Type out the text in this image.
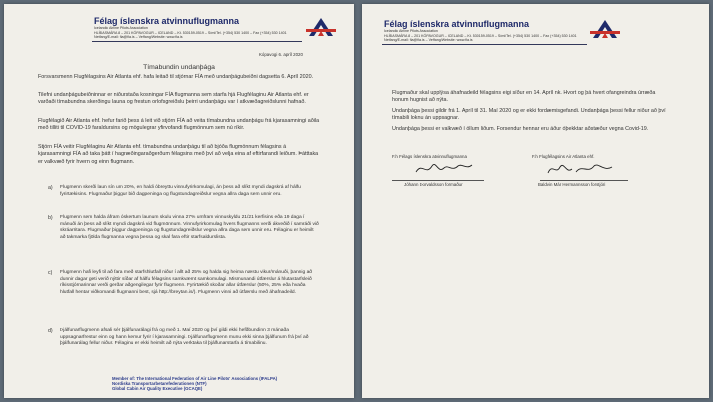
Félag íslenskra atvinnuflugmanna
Icelandic Airline Pilots Association
HLÍÐASMÁRA 8 – 201 KÓPAVOGUR – ICELAND – Kt. 530159-0519 – Sími/Tel. (+354) 530 1400 – Fax (+354) 530 1401
Netfang/E-mail: fia@fia.is – Veffang/Website: www.fia.is
Kópavogi 6. apríl 2020
Tímabundin undanþága
Forsvarsmenn Flugfélagsins Air Atlanta ehf. hafa leitað til stjórnar FÍA með undanþágubeiðni dagsetta 6. Apríl 2020.
Tilefni undanþágubeiðninnar er niðurstaða kosningar FÍA flugmanna sem starfa hjá Flugfélaginu Air Atlanta ehf. er varðaði tímabundna skerðingu launa og frestun orlofsgreiðslu þeirri undanþágu var í atkvæðagreiðslunni hafnað.
Flugfélagið Air Atlanta ehf. hefur farið þess á leit við stjórn FÍA að veita tímabundna undanþágu frá kjarasamningi aðila með tilliti til COVID-19 faraldursins og mögulegrar yfirvofandi flugmönnum sem nú ríkir.
Stjórn FÍA veitir Flugfélaginu Air Atlanta ehf. tímabundna undanþágu til að bjóða flugmönnum félagsins á kjarasamningi FÍA að taka þátt í hagræðingaraðgerðum félagsins með því að velja eina af eftirfarandi leiðum. Þátttaka er valkvæð fyrir hvern og einn flugmann.
a) Flugmenn skerði laun sín um 20%, en haldi óbreyttu vinnufyrirkomulagi, án þess að slíkt myndi dagskrá af hálfu fyrirtækisins. Flugmaður þiggur bið dagpeninga og flugstundagreiðslur vegna allra daga sem unnir eru.
b) Flugmenn sem halda áfram óskertum launum skulu vinna 27% umfram vinnuskyldu 21/21 kerfisins eða 19 daga í mánuði án þess að slíkt myndi dagskrá vid flugmönnum. Vinnufyrirkomulag hvers flugmanns verði ákveðið í samráði við skráarritara. Flugmaður þiggur dagpeninga og flugstundagreiðslur vegna allra daga sem unnir eru. Félaginu er heimilt að takmarka fjölda flugmanna vegna þessa og skal fara eftir starfsaldurslista.
c) Flugmenn hafi leyfi til að fara með starfshlutfall niður í allt að 25% og halda sig heima næstu vikur/mánuði, þannig að dunnir dagar geti verið nýttir síðar af hálfu félagsins samkvæmt samkomulagi. Mismunandi útfærslur á hlutastarfsleið ríkisstjórnarinnar verði gerðar aðgengilegar fyrir flugmenn. Fyrirtækið skoðar allar útfærslur (50%, 25% eða hvaða hlutfall hentar viðkomandi flugmanni best, sjá http://breytan.is/). Flugmenn vinni að útfærslu með áhafnadeild.
d) Þjálfunarflugmenn afsali sér þjálfunarálagi frá og með 1. Maí 2020 og því gildi ekki hefðbundinn 3 mánaða uppsagnarfrestur einn og hann kemur fyrir í kjarasamningi. Þjálfunarflugmenn munu ekki sinna þjálfunum frá því að þjálfunarálag fellur niður. Félaginu er ekki heimilt að nýta verktaka til þjálfunarstarfa á tímabilinu.
Member of: The International Federation of Air Line Pilots' Associations (IFALPA)
Nordiska Transportarbetarefederationen (NTF)
Global Cabin Air Quality Executive (GCAQE)
Félag íslenskra atvinnuflugmanna
Icelandic Airline Pilots Association
HLÍÐASMÁRA 8 – 201 KÓPAVOGUR – ICELAND – Kt. 530159-0519 – Sími/Tel. (+354) 530 1400 – Fax (+354) 530 1401
Netfang/E-mail: fia@fia.is – Veffang/Website: www.fia.is
Flugmaður skal upplýsa áhafnadeild félagsins eigi síður en 14. Apríl nk. Hvort og þá hvert ofangreindra úrræða honum hugnist að nýta.
Undanþága þessi gildir frá 1. Apríl til 31. Maí 2020 og er ekki fordæmisgefandi. Undanþága þessi fellur niður að því tímabili loknu án uppsagnar.
Undanþága þessi er valkvæð í öllum liðum. Forsendur hennar eru áður óþekktar aðstæður vegna Covid-19.
F.h Félags íslenskra atvinnuflugmanna
Jóhann Þorvaldsson formaður
F.h Flugfélagsins Air Atlanta ehf.
Baldvin Már Hermannsson forstjóri
